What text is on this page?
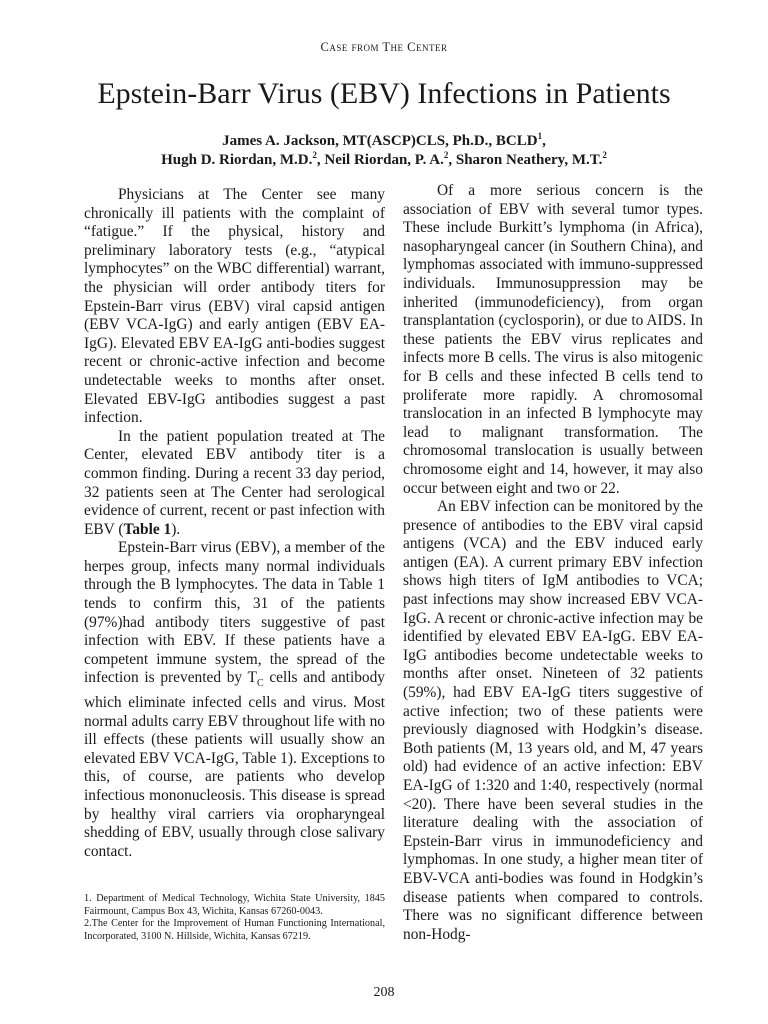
Case from The Center
Epstein-Barr Virus (EBV) Infections in Patients
James A. Jackson, MT(ASCP)CLS, Ph.D., BCLD$^1$,
Hugh D. Riordan, M.D.$^2$, Neil Riordan, P. A.$^2$, Sharon Neathery, M.T.$^2$

Physicians at The Center see many chronically ill patients with the complaint of “fatigue.” If the physical, history and preliminary laboratory tests (e.g., “atypical lymphocytes” on the WBC differential) warrant, the physician will order antibody titers for Epstein-Barr virus (EBV) viral capsid antigen (EBV VCA-IgG) and early antigen (EBV EA-IgG). Elevated EBV EA-IgG anti-bodies suggest recent or chronic-active infection and become undetectable weeks to months after onset. Elevated EBV-IgG antibodies suggest a past infection.

In the patient population treated at The Center, elevated EBV antibody titer is a common finding. During a recent 33 day period, 32 patients seen at The Center had serological evidence of current, recent or past infection with EBV (Table 1).

Epstein-Barr virus (EBV), a member of the herpes group, infects many normal individuals through the B lymphocytes. The data in Table 1 tends to confirm this, 31 of the patients (97%)had antibody titers suggestive of past infection with EBV. If these patients have a competent immune system, the spread of the infection is prevented by $T_C$ cells and antibody which eliminate infected cells and virus. Most normal adults carry EBV throughout life with no ill effects (these patients will usually show an elevated EBV VCA-IgG, Table 1). Exceptions to this, of course, are patients who develop infectious mononucleosis. This disease is spread by healthy viral carriers via oropharyngeal shedding of EBV, usually through close salivary contact.

1. Department of Medical Technology, Wichita State University, 1845 Fairmount, Campus Box 43, Wichita, Kansas 67260-0043.

2.The Center for the Improvement of Human Functioning International, Incorporated, 3100 N. Hillside, Wichita, Kansas 67219.

Of a more serious concern is the association of EBV with several tumor types. These include Burkitt’s lymphoma (in Africa), nasopharyngeal cancer (in Southern China), and lymphomas associated with immuno-suppressed individuals. Immunosuppression may be inherited (immunodeficiency), from organ transplantation (cyclosporin), or due to AIDS. In these patients the EBV virus replicates and infects more B cells. The virus is also mitogenic for B cells and these infected B cells tend to proliferate more rapidly. A chromosomal translocation in an infected B lymphocyte may lead to malignant transformation. The chromosomal translocation is usually between chromosome eight and 14, however, it may also occur between eight and two or 22.

An EBV infection can be monitored by the presence of antibodies to the EBV viral capsid antigens (VCA) and the EBV induced early antigen (EA). A current primary EBV infection shows high titers of IgM antibodies to VCA; past infections may show increased EBV VCA-IgG. A recent or chronic-active infection may be identified by elevated EBV EA-IgG. EBV EA-IgG antibodies become undetectable weeks to months after onset. Nineteen of 32 patients (59%), had EBV EA-IgG titers suggestive of active infection; two of these patients were previously diagnosed with Hodgkin’s disease. Both patients (M, 13 years old, and M, 47 years old) had evidence of an active infection: EBV EA-IgG of 1:320 and 1:40, respectively (normal <20). There have been several studies in the literature dealing with the association of Epstein-Barr virus in immunodeficiency and lymphomas. In one study, a higher mean titer of EBV-VCA anti-bodies was found in Hodgkin’s disease patients when compared to controls. There was no significant difference between non-Hodg-

208
